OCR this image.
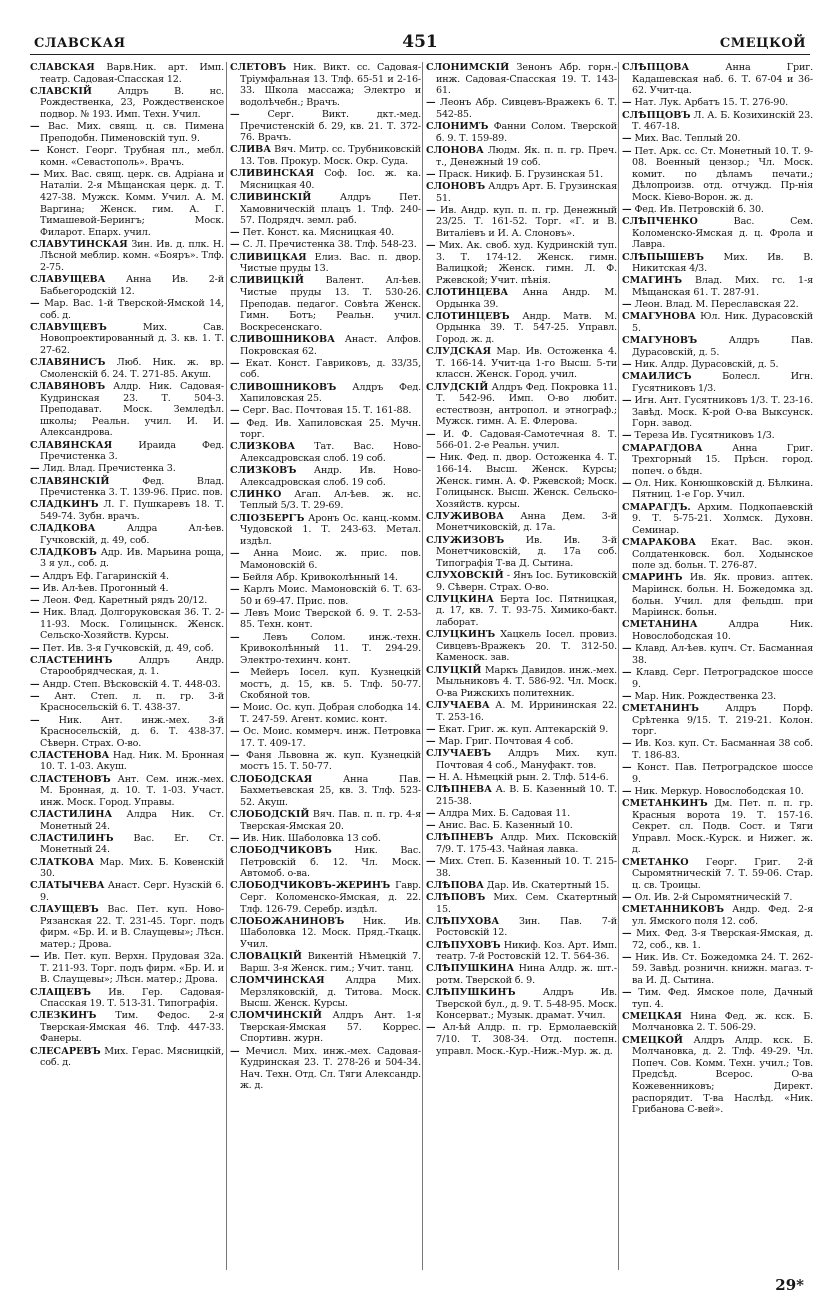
СЛАВСКАЯ	451	СМЕЦКОЙ
СЛАВСКАЯ Варв.Ник. арт. Имп. театр. Садовая-Спасская 12.
СЛАВСКІЙ Алдръ В. нс. Рождественка, 23, Рождественское подвор. № 193. Имп. Техн. Учил.
— Вас. Мих. свящ. ц. св. Пимена Преподобн. Пименовскій туп. 9.
— Конст. Георг. Трубная пл., мебл. комн. «Севастополь». Врачъ.
— Мих. Вас. свящ. церк. св. Адріана и Наталіи. 2-я Мѣщанская церк. д. Т. 427-38. Мужск. Комм. Учил. А. М. Варгина; Женск. гим. А. Г. Тимашевой-Берингъ; Моск. Филарот. Епарх. учил.
СЛАВУТИНСКАЯ Зин. Ив. д. плк. Н. Лѣсной меблир. комн. «Бояръ». Тлф. 2-75.
СЛАВУЩЕВА Анна Ив. 2-й Бабьегородскій 12.
— Мар. Вас. 1-й Тверской-Ямской 14, соб. д.
СЛАВУЩЕВЪ Мих. Сав. Новопроектированный д. 3. кв. 1. Т. 27-62.
СЛАВЯНИСЪ Люб. Ник. ж. вр. Смоленскій б. 24. Т. 271-85. Акуш.
СЛАВЯНОВЪ Алдр. Ник. Садовая-Кудринская 23. Т. 504-3. Преподават. Моск. Земледѣл. школы; Реальн. учил. И. И. Александрова.
СЛАВЯНСКАЯ Ираида Фед. Пречистенка 3.
— Лид. Влад. Пречистенка 3.
СЛАВЯНСКІЙ Фед. Влад. Пречистенка 3. Т. 139-96. Прис. пов.
СЛАДКИНЪ Л. Г. Пушкаревъ 18. Т. 549-74. Зубн. врачъ.
СЛАДКОВА Алдра Ал-ѣев. Гучковскій, д. 49, соб.
СЛАДКОВЪ Адр. Ив. Марьина роща, 3 я ул., соб. д.
— Алдръ Еф. Гагаринскій 4.
— Ив. Ал-ѣев. Прогонный 4.
— Леон. Фед. Каретный рядъ 20/12.
— Ник. Влад. Долгоруковская 36. Т. 2-11-93. Моск. Голицынск. Женск. Сельско-Хозяйств. Курсы.
— Пет. Ив. 3-я Гучковскій, д. 49, соб.
СЛАСТЕНИНЪ Алдръ Андр. Старообрядческая, д. 1.
— Андр. Степ. Вѣсковскій 4. Т. 448-03.
— Ант. Степ. л. п. гр. 3-й Красносельскій 6. Т. 438-37.
— Ник. Ант. инж.-мех. 3-й Красносельскій, д. 6. Т. 438-37. Сѣверн. Страх. О-во.
СЛАСТЕНОВА Над. Ник. М. Бронная 10. Т. 1-03. Акуш.
СЛАСТЕНОВЪ Ант. Сем. инж.-мех. М. Бронная, д. 10. Т. 1-03. Участ. инж. Моск. Город. Управы.
СЛАСТИЛИНА Алдра Ник. Ст. Монетный 24.
СЛАСТИЛИНЪ Вас. Ег. Ст. Монетный 24.
СЛАТКОВА Мар. Мих. Б. Ковенскій 30.
СЛАТЫЧЕВА Анаст. Серг. Нузскій 6. 9.
СЛАУЩЕВЪ Вас. Пет. куп. Ново-Рязанская 22. Т. 231-45. Торг. подъ фирм. «Бр. И. и В. Слаущевы»; Лѣсн. матер.; Дрова.
— Ив. Пет. куп. Верхн. Прудовая 32а. Т. 211-93. Торг. подъ фирм. «Бр. И. и В. Слаущевы»; Лѣсн. матер.; Дрова.
СЛАЩЕВЪ Ив. Гер. Садовая-Спасская 19. Т. 513-31. Типографія.
СЛЕЗКИНЪ Тим. Федос. 2-я Тверская-Ямская 46. Тлф. 447-33. Фанеры.
СЛЕСАРЕВЪ Мих. Герас. Мясницкій, соб. д.
СЛЕТОВЪ Ник. Викт. сс. Садовая-Тріумфальная 13. Тлф. 65-51 и 2-16-33. Школа массажа; Электро и водолѣчебн.; Врачъ.
— Серг. Викт. дкт.-мед. Пречистенскій б. 29, кв. 21. Т. 372-76. Врачъ.
СЛИВА Вяч. Митр. сс. Трубниковскій 13. Тов. Прокур. Моск. Окр. Суда.
СЛИВИНСКАЯ Соф. Іос. ж. ка. Мясницкая 40.
СЛИВИНСКІЙ Алдръ Пет. Хамовническій плацъ 1. Тлф. 240-57. Подрядч. земл. раб.
— Пет. Конст. ка. Мясницкая 40.
— С. Л. Пречистенка 38. Тлф. 548-23.
СЛИВИЦКАЯ Елиз. Вас. п. двор. Чистые пруды 13.
СЛИВИЦКІЙ Валент. Ал-ѣев. Чистые пруды 13. Т. 530-26. Преподав. педагог. Совѣта Женск. Гимн. Ботъ; Реальн. учил. Воскресенскаго.
СЛИВОШНИКОВА Анаст. Алфов. Покровская 62.
— Екат. Конст. Гавриковъ, д. 33/35, соб.
СЛИВОШНИКОВЪ Алдръ Фед. Хапиловская 25.
— Серг. Вас. Почтовая 15. Т. 161-88.
— Фед. Ив. Хапиловская 25. Мучн. торг.
СЛИЗКОВА Тат. Вас. Ново-Алексадровская слоб. 19 соб.
СЛИЗКОВЪ Андр. Ив. Ново-Алексадровская слоб. 19 соб.
СЛИНКО Агап. Ал-ѣев. ж. нс. Теплый 5/3. Т. 29-69.
СЛІОЗБЕРГЪ Аронъ Ос. канц.-комм. Чудовской 1. Т. 243-63. Метал. издѣл.
— Анна Моис. ж. прис. пов. Мамоновскій 6.
— Бейля Абр. Кривоколѣнный 14.
— Карлъ Моис. Мамоновскій 6. Т. 63-50 и 69-47. Прис. пов.
— Левъ Моис Тверской б. 9. Т. 2-53-85. Техн. конт.
— Левъ Солом. инж.-техн. Кривоколѣнный 11. Т. 294-29. Электро-техинч. конт.
— Мейеръ Іосел. куп. Кузнецкій мостъ, д. 15, кв. 5. Тлф. 50-77. Скобяной тов.
— Моис. Ос. куп. Добрая слободка 14. Т. 247-59. Агент. комис. конт.
— Ос. Моис. коммерч. инж. Петровка 17. Т. 409-17.
— Фаня Львовна ж. куп. Кузнецкій мостъ 15. Т. 50-77.
СЛОБОДСКАЯ Анна Пав. Бахметьевская 25, кв. 3. Тлф. 523-52. Акуш.
СЛОБОДСКІЙ Вяч. Пав. п. п. гр. 4-я Тверская-Ямская 20.
— Ив. Ник. Шаболовка 13 соб.
СЛОБОДЧИКОВЪ Ник. Вас. Петровскій б. 12. Чл. Моск. Автомоб. о-ва.
СЛОБОДЧИКОВЪ-ЖЕРИНЪ Гавр. Серг. Коломенско-Ямская, д. 22. Тлф. 126-79. Серебр. издѣл.
СЛОБОЖАНИНОВЪ Ник. Ив. Шаболовка 12. Моск. Пряд.-Ткацк. Учил.
СЛОВАЦКІЙ Викентій Нѣмецкій 7. Варш. 3-я Женск. гим.; Учит. танц.
СЛОМЧИНСКАЯ Алдра Мих. Мерзляковскій, д. Титова. Моск. Высш. Женск. Курсы.
СЛОМЧИНСКІЙ Алдръ Ант. 1-я Тверская-Ямская 57. Коррес. Спортивн. журн.
— Мечисл. Мих. инж.-мех. Садовая-Кудринская 23. Т. 278-26 и 504-34. Нач. Техн. Отд. Сл. Тяги Александр. ж. д.
СЛОНИМСКІЙ Зенонъ Абр. горн.-инж. Садовая-Спасская 19. Т. 143-61.
— Леонъ Абр. Сивцевъ-Вражекъ 6. Т. 542-85.
СЛОНИМЪ Фанни Солом. Тверской б. 9. Т. 159-89.
СЛОНОВА Людм. Як. п. п. гр. Преч. т., Денежный 19 соб.
— Праск. Никиф. Б. Грузинская 51.
СЛОНОВЪ Алдръ Арт. Б. Грузинская 51.
— Ив. Андр. куп. п. п. гр. Денежный 23/25. Т. 161-52. Торг. «Г. и В. Виталіевъ и И. А. Слоновъ».
— Мих. Ак. своб. худ. Кудринскій туп. 3. Т. 174-12. Женск. гимн. Валицкой; Женск. гимн. Л. Ф. Ржевской; Учит. пѣнія.
СЛОТИНЦЕВА Анна Андр. М. Ордынка 39.
СЛОТИНЦЕВЪ Андр. Матв. М. Ордынка 39. Т. 547-25. Управл. Город. ж. д.
СЛУДСКАЯ Мар. Ив. Остоженка 4. Т. 166-14. Учит-ца 1-го Высш. 5-ти классн. Женск. Город. учил.
СЛУДСКІЙ Алдръ Фед. Покровка 11. Т. 542-96. Имп. О-во любит. естествозн, антропол. и этнограф.; Мужск. гимн. А. Е. Флерова.
— И. Ф. Садовая-Самотечная 8. Т. 566-01. 2-е Реальн. учил.
— Ник. Фед. п. двор. Остоженка 4. Т. 166-14. Высш. Женск. Курсы; Женск. гимн. А. Ф. Ржевской; Моск. Голицынск. Высш. Женск. Сельско-Хозяйств. курсы.
СЛУЖИВОВА Анна Дем. 3-й Монетчиковскій, д. 17а.
СЛУЖИЗОВЪ Ив. Ив. 3-й Монетчиковскій, д. 17а соб. Типографія Т-ва Д. Сытина.
СЛУХОВСКІЙ - Янъ Іос. Бутиковскій 9. Сѣверн. Страх. О-во.
СЛУЦКИНА Берта Іос. Пятницкая, д. 17, кв. 7. Т. 93-75. Химико-бакт. лаборат.
СЛУЦКИНЪ Хацкель Іосел. провиз. Сивцевъ-Вражекъ 20. Т. 312-50. Каменоск. зав.
СЛУЦКІЙ Маркъ Давидов. инж.-мех. Мыльниковъ 4. Т. 586-92. Чл. Моск. О-ва Рижскихъ политехник.
СЛУЧАЕВА А. М. Иррининская 22. Т. 253-16.
— Екат. Григ. ж. куп. Аптекарскій 9.
— Мар. Григ. Почтовая 4 соб.
СЛУЧАЕВЪ Алдръ Мих. куп. Почтовая 4 соб., Мануфакт. тов.
— Н. А. Нѣмецкій рын. 2. Тлф. 514-6.
СЛѢПНЕВА А. В. Б. Казенный 10. Т. 215-38.
— Алдра Мих. Б. Садовая 11.
— Анис. Вас. Б. Казенный 10.
СЛѢПНЕВЪ Алдр. Мих. Псковскій 7/9. Т. 175-43. Чайная лавка.
— Мих. Степ. Б. Казенный 10. Т. 215-38.
СЛѢПОВА Дар. Ив. Скатертный 15.
СЛѢПОВЪ Мих. Сем. Скатертный 15.
СЛѢПУХОВА Зин. Пав. 7-й Ростовскій 12.
СЛѢПУХОВЪ Никиф. Коз. Арт. Имп. театр. 7-й Ростовскій 12. Т. 564-36.
СЛѢПУШКИНА Нина Алдр. ж. шт.-ротм. Тверской б. 9.
СЛѢПУШКИНЪ Алдръ Ив. Тверской бул., д. 9. Т. 5-48-95. Моск. Консерват.; Музык. драмат. Учил.
— Ал-ѣй Алдр. п. гр. Ермолаевскій 7/10. Т. 308-34. Отд. постепн. управл. Моск.-Кур.-Ниж.-Мур. ж. д.
СЛѢПЦОВА Анна Григ. Кадашевская наб. 6. Т. 67-04 и 36-62. Учит-ца.
— Нат. Лук. Арбатъ 15. Т. 276-90.
СЛѢПЦОВЪ Л. А. Б. Козихинскій 23. Т. 467-18.
— Мих. Вас. Теплый 20.
— Пет. Арк. сс. Ст. Монетный 10. Т. 9-08. Военный цензор.; Чл. Моск. комит. по дѣламъ печати.; Дѣлопроизв. отд. отчужд. Пр-нія Моск. Кіево-Ворон. ж. д.
— Фед. Ив. Петровскій б. 30.
СЛѢПЧЕНКО Вас. Сем. Коломенско-Ямская д. ц. Фрола и Лавра.
СЛѢПЫШЕВЪ Мих. Ив. В. Никитская 4/3.
СМАГИНЪ Влад. Мих. гс. 1-я Мѣщанская 61. Т. 287-91.
— Леон. Влад. М. Переславская 22.
СМАГУНОВА Юл. Ник. Дурасовскій 5.
СМАГУНОВЪ Алдръ Пав. Дурасовскій, д. 5.
— Ник. Алдр. Дурасовскій, д. 5.
СМАИЛИСЪ Болесл. Игн. Гусятниковъ 1/3.
— Игн. Ант. Гусятниковъ 1/3. Т. 23-16. Завѣд. Моск. К-рой О-ва Выксунск. Горн. завод.
— Тереза Ив. Гусятниковъ 1/3.
СМАРАГДОВА Анна Григ. Трехгорный 15. Прѣсн. город. попеч. о бѣдн.
— Ол. Ник. Конюшковскій д. Бѣлкина. Пятниц. 1-е Гор. Учил.
СМАРАГДЪ. Архим. Подкопаевскій 9. Т. 5-75-21. Холмск. Духовн. Семинар.
СМАРАКОВА Екат. Вас. экон. Солдатенковск. бол. Ходынское поле зд. больн. Т. 276-87.
СМАРИНЪ Ив. Як. провиз. аптек. Маріинск. больн. Н. Божедомка зд. больн. Учил. для фельдш. при Маріинск. больн.
СМЕТАНИНА Алдра Ник. Новослободская 10.
— Клавд. Ал-ѣев. купч. Ст. Басманная 38.
— Клавд. Серг. Петроградское шоссе 9.
— Мар. Ник. Рождественка 23.
СМЕТАНИНЪ Алдръ Порф. Срѣтенка 9/15. Т. 219-21. Колон. торг.
— Ив. Коз. куп. Ст. Басманная 38 соб. Т. 186-83.
— Конст. Пав. Петроградское шоссе 9.
— Ник. Меркур. Новослободская 10.
СМЕТАНКИНЪ Дм. Пет. п. п. гр. Красныя ворота 19. Т. 157-16. Секрет. сл. Подв. Сост. и Тяги Управл. Моск.-Курск. и Нижег. ж. д.
СМЕТАНКО Георг. Григ. 2-й Сыромятническій 7. Т. 59-06. Стар. ц. св. Троицы.
— Ол. Ив. 2-й Сыромятническій 7.
СМЕТАННИКОВЪ Андр. Фед. 2-я ул. Ямского поля 12. соб.
— Мих. Фед. 3-я Тверская-Ямская, д. 72, соб., кв. 1.
— Ник. Ив. Ст. Божедомка 24. Т. 262-59. Завѣд. розничн. книжн. магаз. т-ва И. Д. Сытина.
— Тим. Фед. Ямское поле, Дачный туп. 4.
СМЕЦКАЯ Нина Фед. ж. кск. Б. Молчановка 2. Т. 506-29.
СМЕЦКОЙ Алдръ Алдр. кск. Б. Молчановка, д. 2. Тлф. 49-29. Чл. Попеч. Сов. Комм. Техн. учил.; Тов. Предсѣд. Всерос. О-ва Кожевенниковъ; Директ. распорядит. Т-ва Наслѣд. «Ник. Грибанова С-вей».
29*
